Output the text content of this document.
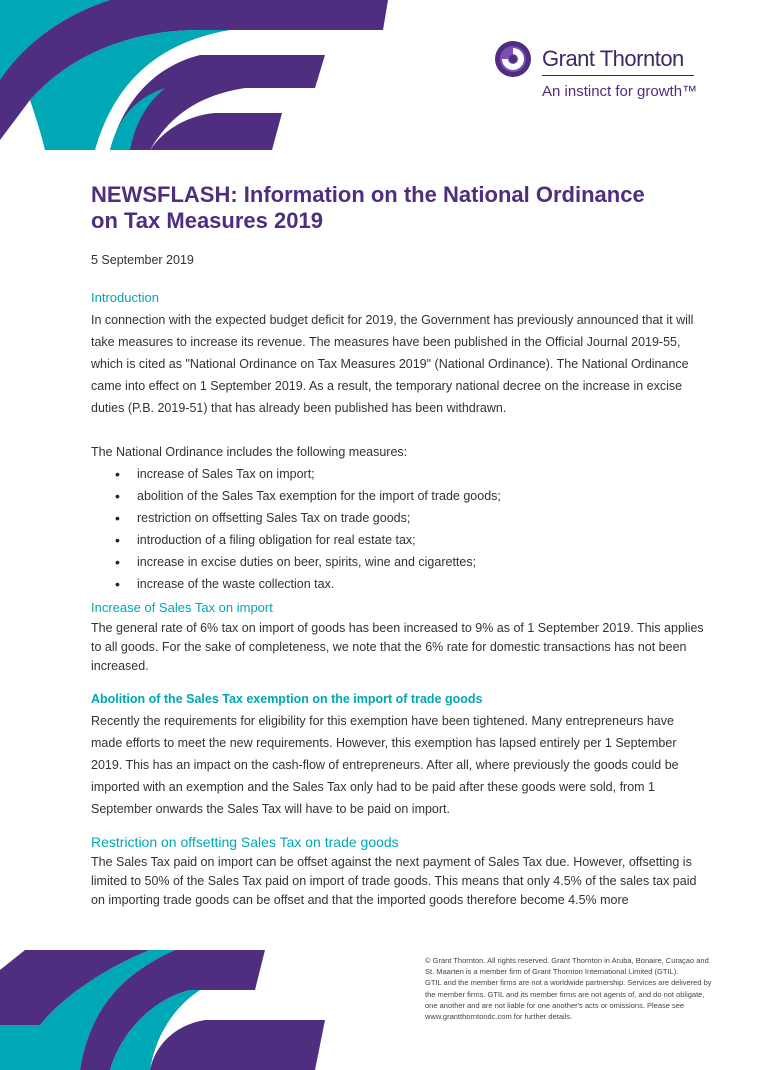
Grant Thornton
An instinct for growth™
NEWSFLASH: Information on the National Ordinance on Tax Measures 2019
5 September 2019
Introduction

In connection with the expected budget deficit for 2019, the Government has previously announced that it will take measures to increase its revenue. The measures have been published in the Official Journal 2019-55, which is cited as "National Ordinance on Tax Measures 2019" (National Ordinance). The National Ordinance came into effect on 1 September 2019. As a result, the temporary national decree on the increase in excise duties (P.B. 2019-51) that has already been published has been withdrawn.

The National Ordinance includes the following measures:

• increase of Sales Tax on import;
• abolition of the Sales Tax exemption for the import of trade goods;
• restriction on offsetting Sales Tax on trade goods;
• introduction of a filing obligation for real estate tax;
• increase in excise duties on beer, spirits, wine and cigarettes;
• increase of the waste collection tax.
Increase of Sales Tax on import

The general rate of 6% tax on import of goods has been increased to 9% as of 1 September 2019. This applies to all goods. For the sake of completeness, we note that the 6% rate for domestic transactions has not been increased.

Abolition of the Sales Tax exemption on the import of trade goods

Recently the requirements for eligibility for this exemption have been tightened. Many entrepreneurs have made efforts to meet the new requirements. However, this exemption has lapsed entirely per 1 September 2019. This has an impact on the cash-flow of entrepreneurs. After all, where previously the goods could be imported with an exemption and the Sales Tax only had to be paid after these goods were sold, from 1 September onwards the Sales Tax will have to be paid on import.

Restriction on offsetting Sales Tax on trade goods

The Sales Tax paid on import can be offset against the next payment of Sales Tax due. However, offsetting is limited to 50% of the Sales Tax paid on import of trade goods. This means that only 4.5% of the sales tax paid on importing trade goods can be offset and that the imported goods therefore become 4.5% more

© Grant Thornton. All rights reserved. Grant Thornton in Aruba, Bonaire, Curaçao and St. Maarten is a member firm of Grant Thornton International Limited (GTIL).
GTIL and the member firms are not a worldwide partnership. Services are delivered by the member firms. GTIL and its member firms are not agents of, and do not obligate, one another and are not liable for one another's acts or omissions. Please see www.grantthorntondc.com for further details.
